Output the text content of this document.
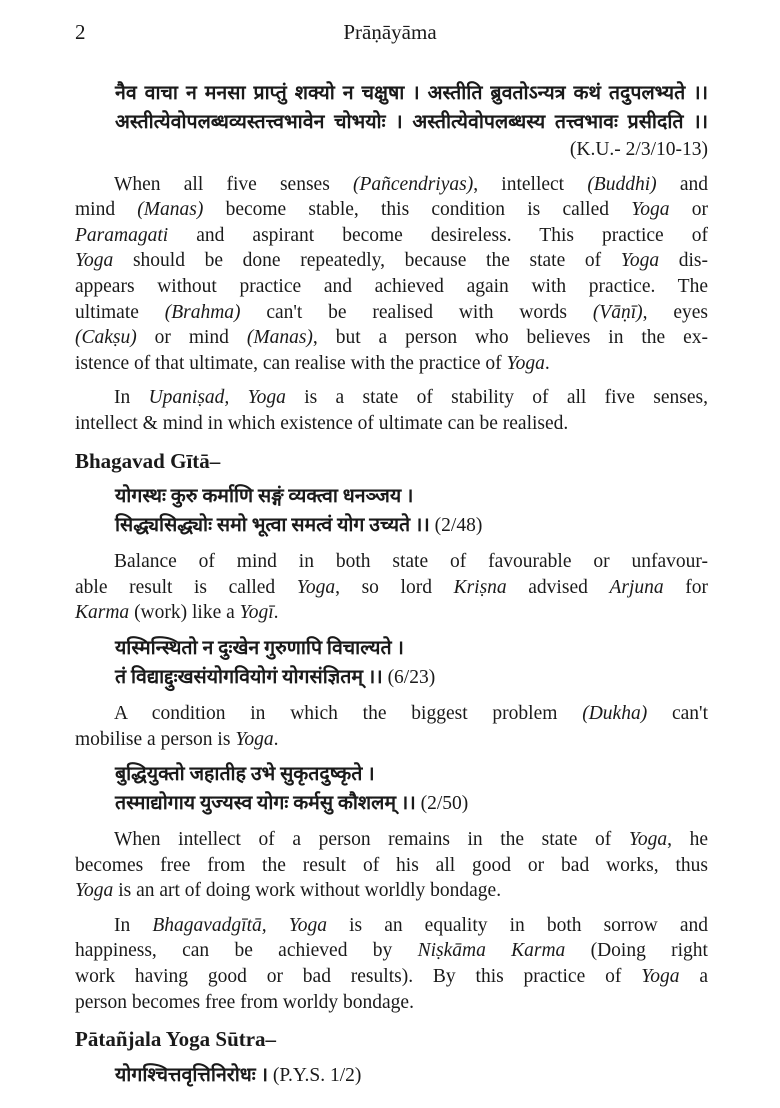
2	Prāṇāyāma
नैव वाचा न मनसा प्राप्तुं शक्यो न चक्षुषा । अस्तीति ब्रुवतोऽन्यत्र कथं तदुपलभ्यते ।।
अस्तीत्येवोपलब्धव्यस्तत्त्वभावेन चोभयोः । अस्तीत्येवोपलब्धस्य तत्त्वभावः प्रसीदति ।।
(K.U.- 2/3/10-13)
When all five senses (Pañcendriyas), intellect (Buddhi) and
mind (Manas) become stable, this condition is called Yoga or
Paramagati and aspirant become desireless. This practice of
Yoga should be done repeatedly, because the state of Yoga dis-
appears without practice and achieved again with practice. The
ultimate (Brahma) can't be realised with words (Vāṇī), eyes
(Cakṣu) or mind (Manas), but a person who believes in the ex-
istence of that ultimate, can realise with the practice of Yoga.
In Upaniṣad, Yoga is a state of stability of all five senses,
intellect & mind in which existence of ultimate can be realised.
Bhagavad Gītā–
योगस्थः कुरु कर्माणि सङ्गं व्यक्त्वा धनञ्जय ।
सिद्ध्यसिद्ध्योः समो भूत्वा समत्वं योग उच्यते ।। (2/48)
Balance of mind in both state of favourable or unfavour-
able result is called Yoga, so lord Kriṣna advised Arjuna for
Karma (work) like a Yogī.
यस्मिन्स्थितो न दुःखेन गुरुणापि विचाल्यते ।
तं विद्याद्दुःखसंयोगवियोगं योगसंज्ञितम् ।। (6/23)
A condition in which the biggest problem (Dukha) can't
mobilise a person is Yoga.
बुद्धियुक्तो जहातीह उभे सुकृतदुष्कृते ।
तस्माद्योगाय युज्यस्व योगः कर्मसु कौशलम् ।। (2/50)
When intellect of a person remains in the state of Yoga, he
becomes free from the result of his all good or bad works, thus
Yoga is an art of doing work without worldly bondage.
In Bhagavadgītā, Yoga is an equality in both sorrow and
happiness, can be achieved by Niṣkāma Karma (Doing right
work having good or bad results). By this practice of Yoga a
person becomes free from worldy bondage.
Pātañjala Yoga Sūtra–
योगश्चित्तवृत्तिनिरोधः । (P.Y.S. 1/2)
